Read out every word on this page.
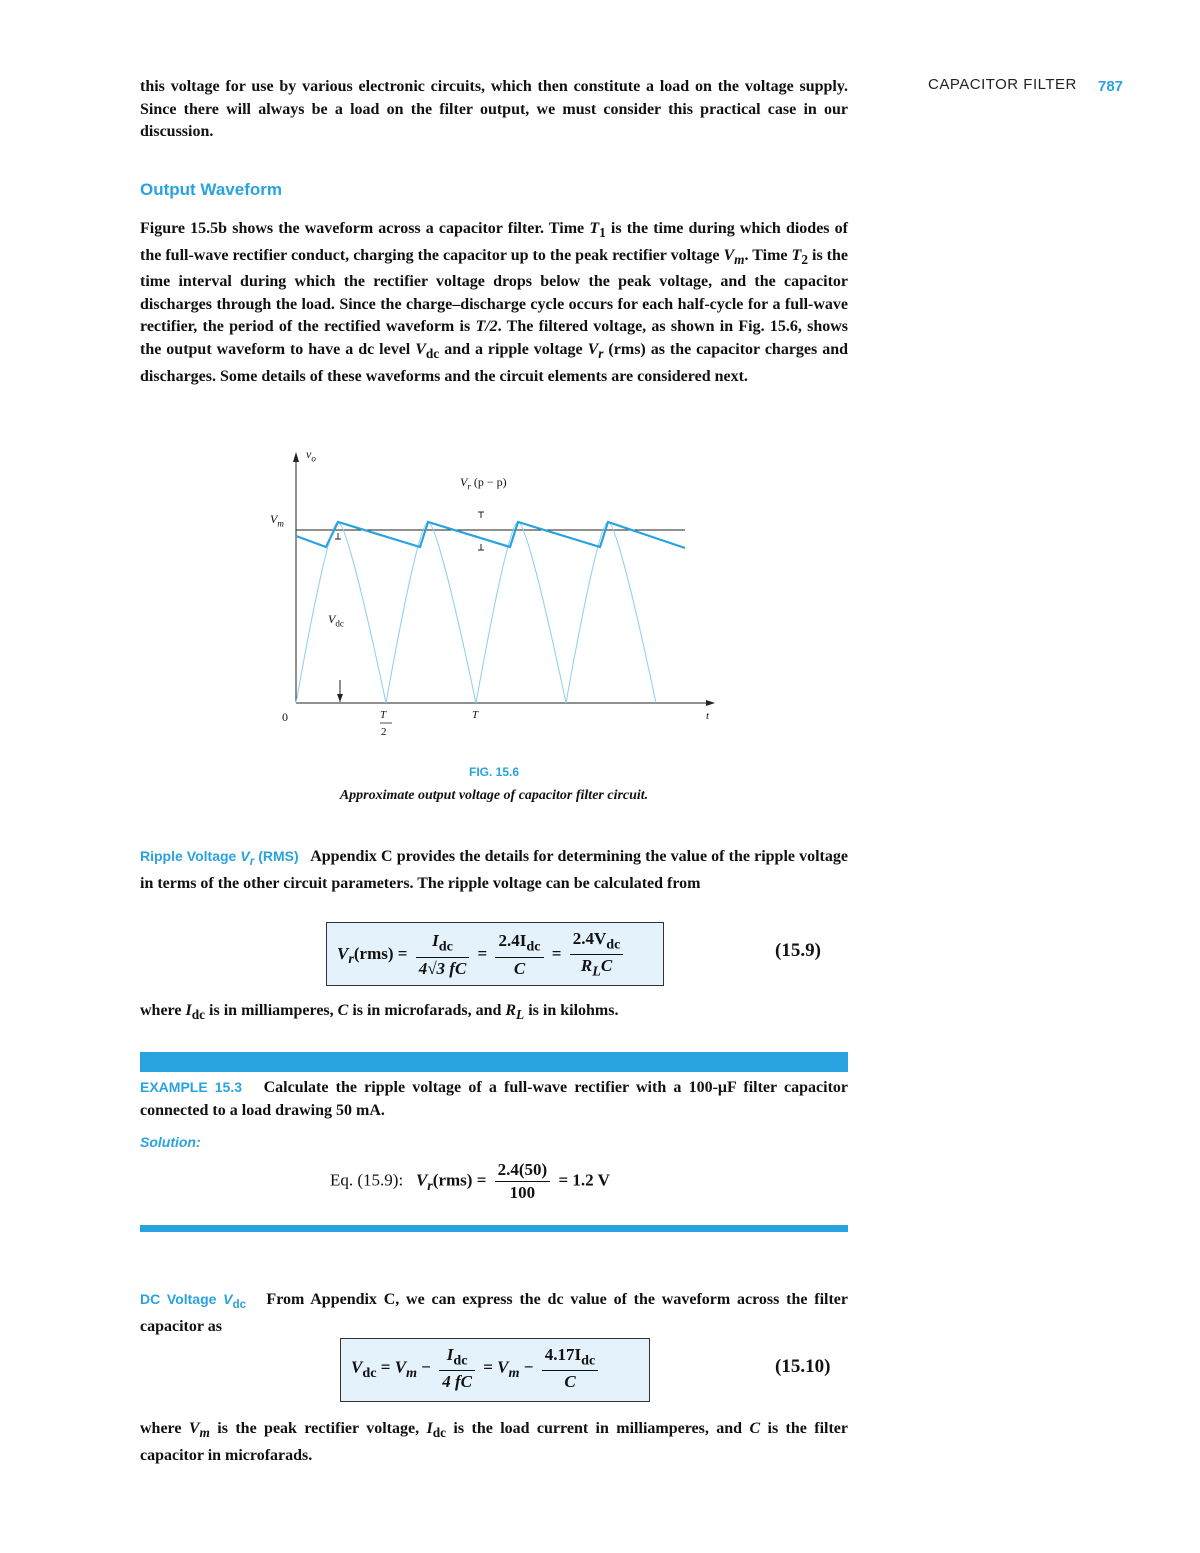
CAPACITOR FILTER 787
this voltage for use by various electronic circuits, which then constitute a load on the voltage supply. Since there will always be a load on the filter output, we must consider this practical case in our discussion.
Output Waveform
Figure 15.5b shows the waveform across a capacitor filter. Time $T_1$ is the time during which diodes of the full-wave rectifier conduct, charging the capacitor up to the peak rectifier voltage $V_m$. Time $T_2$ is the time interval during which the rectifier voltage drops below the peak voltage, and the capacitor discharges through the load. Since the charge–discharge cycle occurs for each half-cycle for a full-wave rectifier, the period of the rectified waveform is T/2. The filtered voltage, as shown in Fig. 15.6, shows the output waveform to have a dc level $V_{dc}$ and a ripple voltage $V_r$ (rms) as the capacitor charges and discharges. Some details of these waveforms and the circuit elements are considered next.
$v_o$
$V_r$ (p − p)
$V_m$
$V_{dc}$
0	T
2
T	t
FIG. 15.6
Approximate output voltage of capacitor filter circuit.
Ripple Voltage $V_r$ (RMS) Appendix C provides the details for determining the value of the ripple voltage in terms of the other circuit parameters. The ripple voltage can be calculated from
$V_r(rms) = \frac{I_{dc}}{4√3 fC} = \frac{2.4I_{dc}}{C} = \frac{2.4V_{dc}}{R_LC}$	(15.9)
where $I_{dc}$ is in milliamperes, C is in microfarads, and $R_L$ is in kilohms.
EXAMPLE 15.3 Calculate the ripple voltage of a full-wave rectifier with a 100-μF filter capacitor connected to a load drawing 50 mA.
Solution:
Eq. (15.9): $V_r(rms) = \frac{2.4(50)}{100} = 1.2$ V
DC Voltage $V_{dc}$ From Appendix C, we can express the dc value of the waveform across the filter capacitor as
$V_{dc} = V_m - \frac{I_{dc}}{4 fC} = V_m - \frac{4.17I_{dc}}{C}$	(15.10)
where $V_m$ is the peak rectifier voltage, $I_{dc}$ is the load current in milliamperes, and C is the filter capacitor in microfarads.
